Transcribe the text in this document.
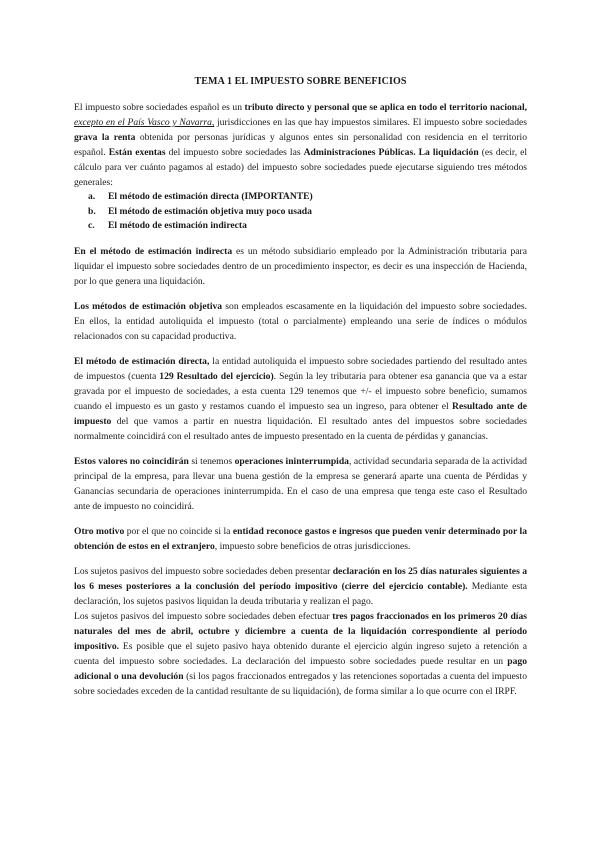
TEMA 1 EL IMPUESTO SOBRE BENEFICIOS

El impuesto sobre sociedades español es un tributo directo y personal que se aplica en todo el territorio nacional, excepto en el País Vasco y Navarra, jurisdicciones en las que hay impuestos similares. El impuesto sobre sociedades grava la renta obtenida por personas jurídicas y algunos entes sin personalidad con residencia en el territorio español. Están exentas del impuesto sobre sociedades las Administraciones Públicas. La liquidación (es decir, el cálculo para ver cuánto pagamos al estado) del impuesto sobre sociedades puede ejecutarse siguiendo tres métodos generales:

a.	El método de estimación directa (IMPORTANTE)
b.	El método de estimación objetiva muy poco usada
c.	El método de estimación indirecta

En el método de estimación indirecta es un método subsidiario empleado por la Administración tributaria para liquidar el impuesto sobre sociedades dentro de un procedimiento inspector, es decir es una inspección de Hacienda, por lo que genera una liquidación.

Los métodos de estimación objetiva son empleados escasamente en la liquidación del impuesto sobre sociedades. En ellos, la entidad autoliquida el impuesto (total o parcialmente) empleando una serie de índices o módulos relacionados con su capacidad productiva.

El método de estimación directa, la entidad autoliquida el impuesto sobre sociedades partiendo del resultado antes de impuestos (cuenta 129 Resultado del ejercicio). Según la ley tributaria para obtener esa ganancia que va a estar gravada por el impuesto de sociedades, a esta cuenta 129 tenemos que +/- el impuesto sobre beneficio, sumamos cuando el impuesto es un gasto y restamos cuando el impuesto sea un ingreso, para obtener el Resultado ante de impuesto del que vamos a partir en nuestra liquidación. El resultado antes del impuestos sobre sociedades normalmente coincidirá con el resultado antes de impuesto presentado en la cuenta de pérdidas y ganancias.

Estos valores no coincidirán si tenemos operaciones ininterrumpida, actividad secundaria separada de la actividad principal de la empresa, para llevar una buena gestión de la empresa se generará aparte una cuenta de Pérdidas y Ganancias secundaria de operaciones ininterrumpida. En el caso de una empresa que tenga este caso el Resultado ante de impuesto no coincidirá.

Otro motivo por el que no coincide si la entidad reconoce gastos e ingresos que pueden venir determinado por la obtención de estos en el extranjero, impuesto sobre beneficios de otras jurisdicciones.

Los sujetos pasivos del impuesto sobre sociedades deben presentar declaración en los 25 días naturales siguientes a los 6 meses posteriores a la conclusión del período impositivo (cierre del ejercicio contable). Mediante esta declaración, los sujetos pasivos liquidan la deuda tributaria y realizan el pago.

Los sujetos pasivos del impuesto sobre sociedades deben efectuar tres pagos fraccionados en los primeros 20 días naturales del mes de abril, octubre y diciembre a cuenta de la liquidación correspondiente al período impositivo. Es posible que el sujeto pasivo haya obtenido durante el ejercicio algún ingreso sujeto a retención a cuenta del impuesto sobre sociedades. La declaración del impuesto sobre sociedades puede resultar en un pago adicional o una devolución (si los pagos fraccionados entregados y las retenciones soportadas a cuenta del impuesto sobre sociedades exceden de la cantidad resultante de su liquidación), de forma similar a lo que ocurre con el IRPF.
